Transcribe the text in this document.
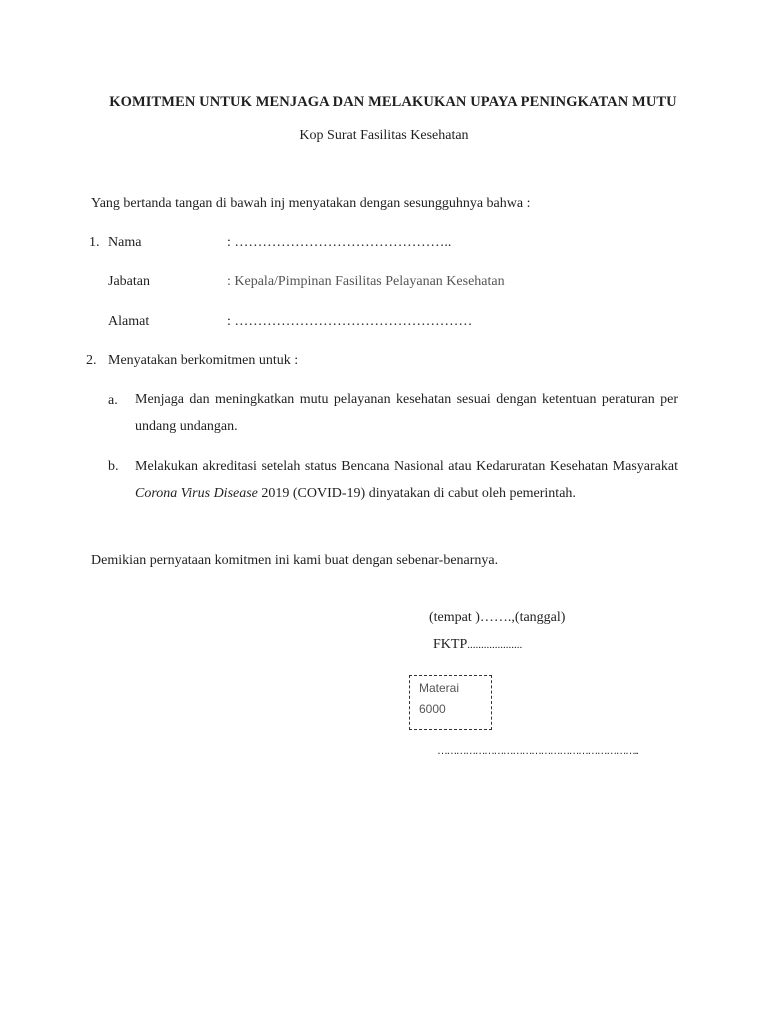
KOMITMEN UNTUK MENJAGA DAN MELAKUKAN UPAYA PENINGKATAN MUTU
Kop Surat Fasilitas Kesehatan
Yang bertanda tangan di bawah inj menyatakan dengan sesungguhnya bahwa :
1. Nama	: ………………………………………..
Jabatan	: Kepala/Pimpinan Fasilitas Pelayanan Kesehatan
Alamat	: ……………………………………………
2. Menyatakan berkomitmen untuk :
a. Menjaga dan meningkatkan mutu pelayanan kesehatan sesuai dengan ketentuan peraturan per undang undangan.
b. Melakukan akreditasi setelah status Bencana Nasional atau Kedaruratan Kesehatan Masyarakat Corona Virus Disease 2019 (COVID-19) dinyatakan di cabut oleh pemerintah.
Demikian pernyataan komitmen ini kami buat dengan sebenar-benarnya.
(tempat )…….,(tanggal)
FKTP....................
Materai
6000
………………………………………………………..
